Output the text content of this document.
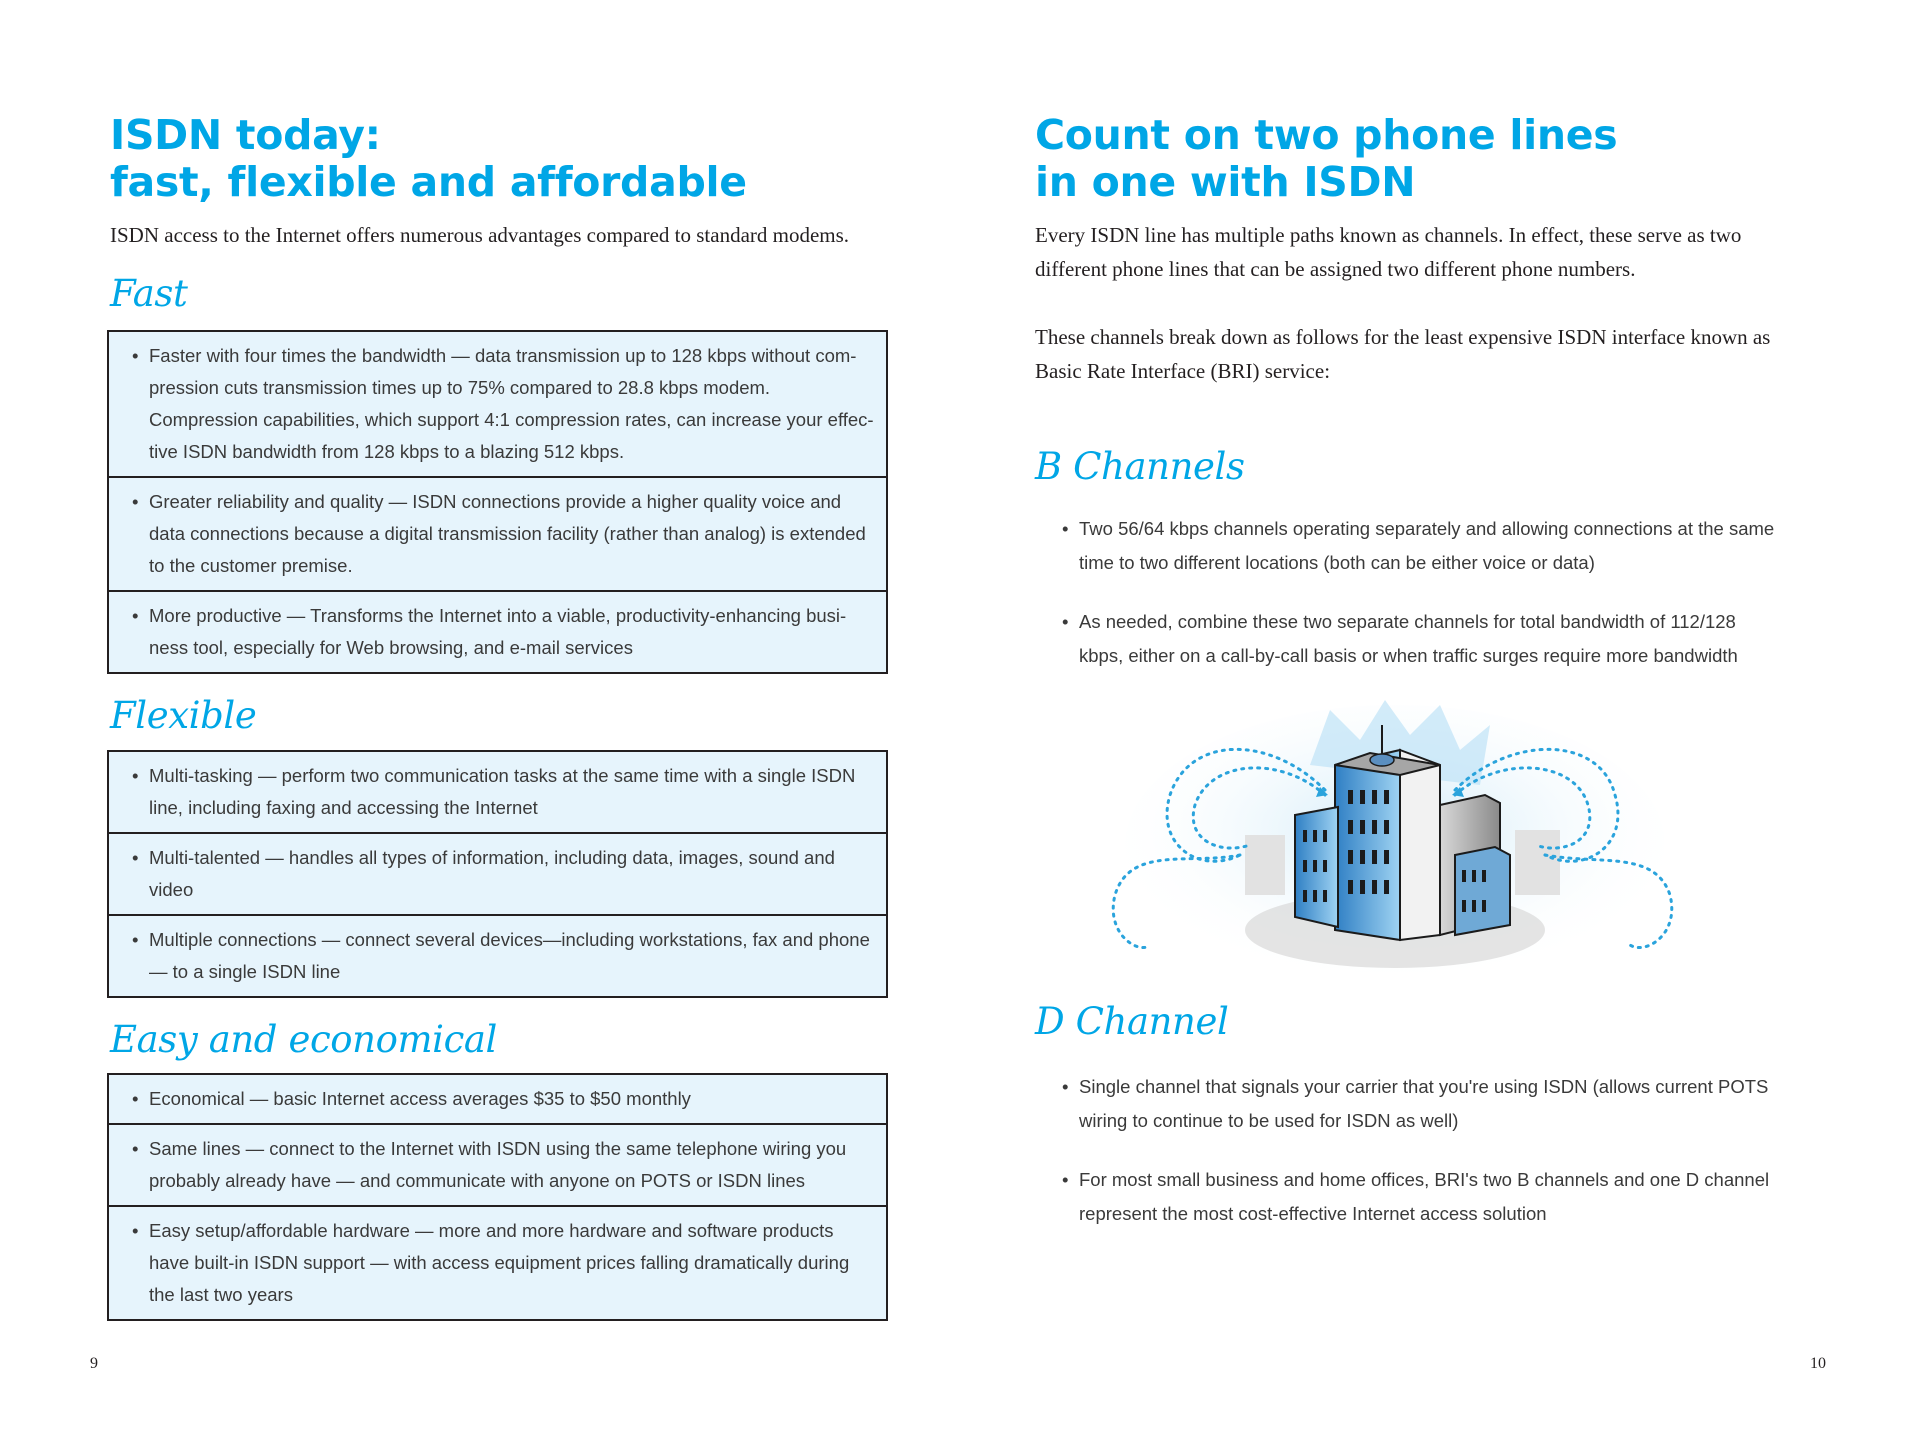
ISDN today:
fast, flexible and affordable

ISDN access to the Internet offers numerous advantages compared to standard modems.

Fast
• Faster with four times the bandwidth — data transmission up to 128 kbps without com-pression cuts transmission times up to 75% compared to 28.8 kbps modem. Compression capabilities, which support 4:1 compression rates, can increase your effec-tive ISDN bandwidth from 128 kbps to a blazing 512 kbps.
• Greater reliability and quality — ISDN connections provide a higher quality voice and data connections because a digital transmission facility (rather than analog) is extended to the customer premise.
• More productive — Transforms the Internet into a viable, productivity-enhancing busi-ness tool, especially for Web browsing, and e-mail services
Flexible
• Multi-tasking — perform two communication tasks at the same time with a single ISDN line, including faxing and accessing the Internet
• Multi-talented — handles all types of information, including data, images, sound and video
• Multiple connections — connect several devices—including workstations, fax and phone — to a single ISDN line
Easy and economical
• Economical — basic Internet access averages $35 to $50 monthly
• Same lines — connect to the Internet with ISDN using the same telephone wiring you probably already have — and communicate with anyone on POTS or ISDN lines
• Easy setup/affordable hardware — more and more hardware and software products have built-in ISDN support — with access equipment prices falling dramatically during the last two years
9
Count on two phone lines
in one with ISDN

Every ISDN line has multiple paths known as channels. In effect, these serve as two different phone lines that can be assigned two different phone numbers.

These channels break down as follows for the least expensive ISDN interface known as Basic Rate Interface (BRI) service:

B Channels
• Two 56/64 kbps channels operating separately and allowing connections at the same time to two different locations (both can be either voice or data)
• As needed, combine these two separate channels for total bandwidth of 112/128 kbps, either on a call-by-call basis or when traffic surges require more bandwidth
D Channel
• Single channel that signals your carrier that you're using ISDN (allows current POTS wiring to continue to be used for ISDN as well)
• For most small business and home offices, BRI's two B channels and one D channel represent the most cost-effective Internet access solution
10
